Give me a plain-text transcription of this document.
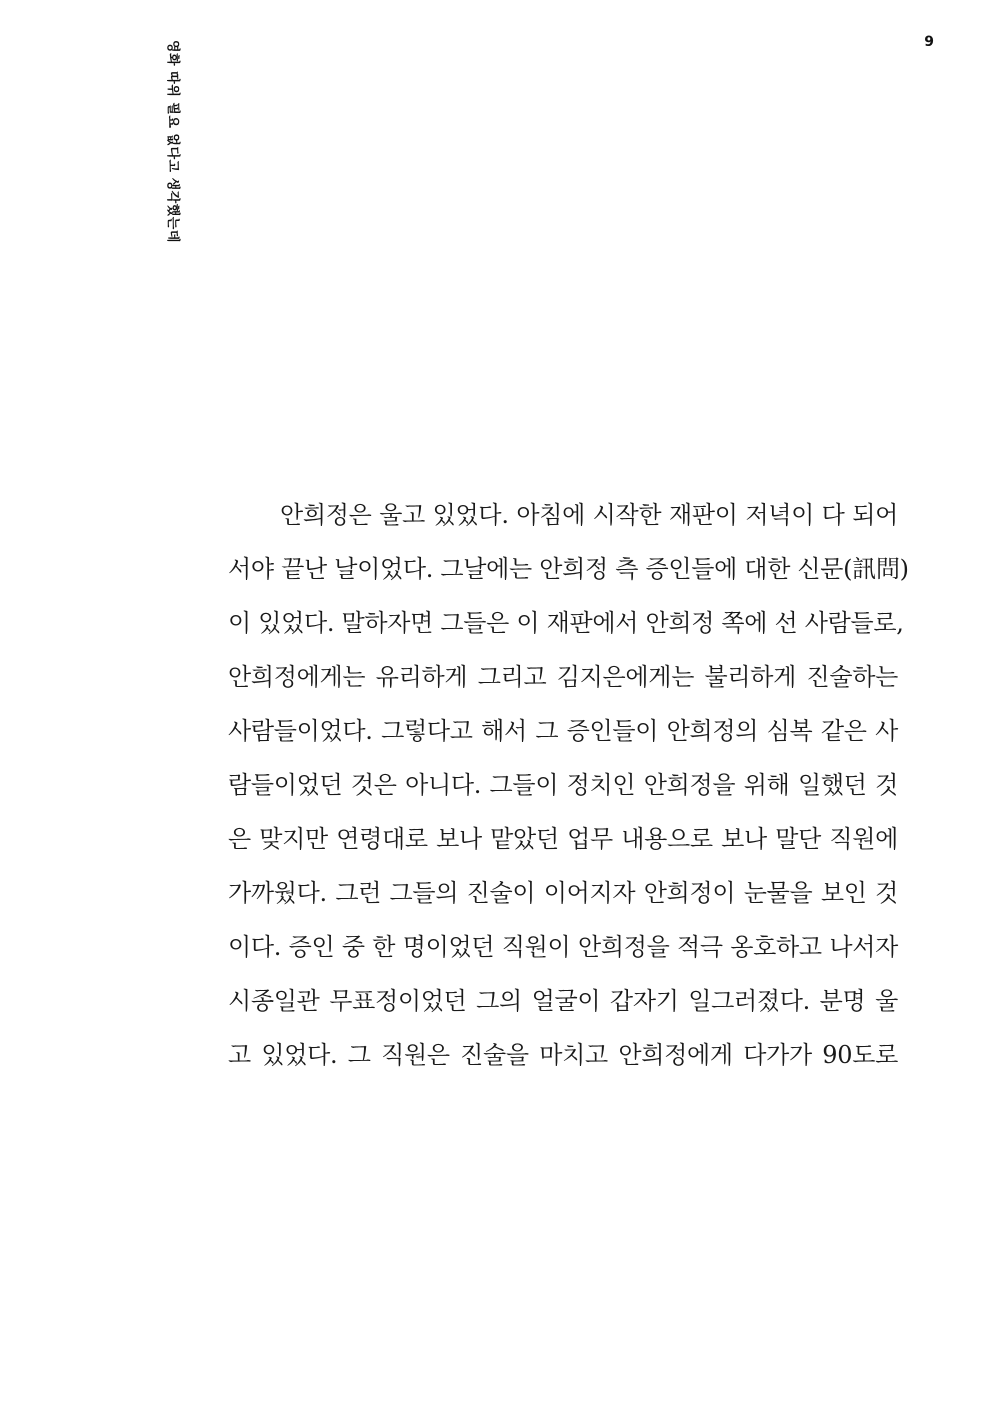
9
영화 따위 필요 없다고 생각했는데
안희정은 울고 있었다. 아침에 시작한 재판이 저녁이 다 되어
서야 끝난 날이었다. 그날에는 안희정 측 증인들에 대한 신문(訊問)
이 있었다. 말하자면 그들은 이 재판에서 안희정 쪽에 선 사람들로,
안희정에게는 유리하게 그리고 김지은에게는 불리하게 진술하는
사람들이었다. 그렇다고 해서 그 증인들이 안희정의 심복 같은 사
람들이었던 것은 아니다. 그들이 정치인 안희정을 위해 일했던 것
은 맞지만 연령대로 보나 맡았던 업무 내용으로 보나 말단 직원에
가까웠다. 그런 그들의 진술이 이어지자 안희정이 눈물을 보인 것
이다. 증인 중 한 명이었던 직원이 안희정을 적극 옹호하고 나서자
시종일관 무표정이었던 그의 얼굴이 갑자기 일그러졌다. 분명 울
고 있었다. 그 직원은 진술을 마치고 안희정에게 다가가 90도로
